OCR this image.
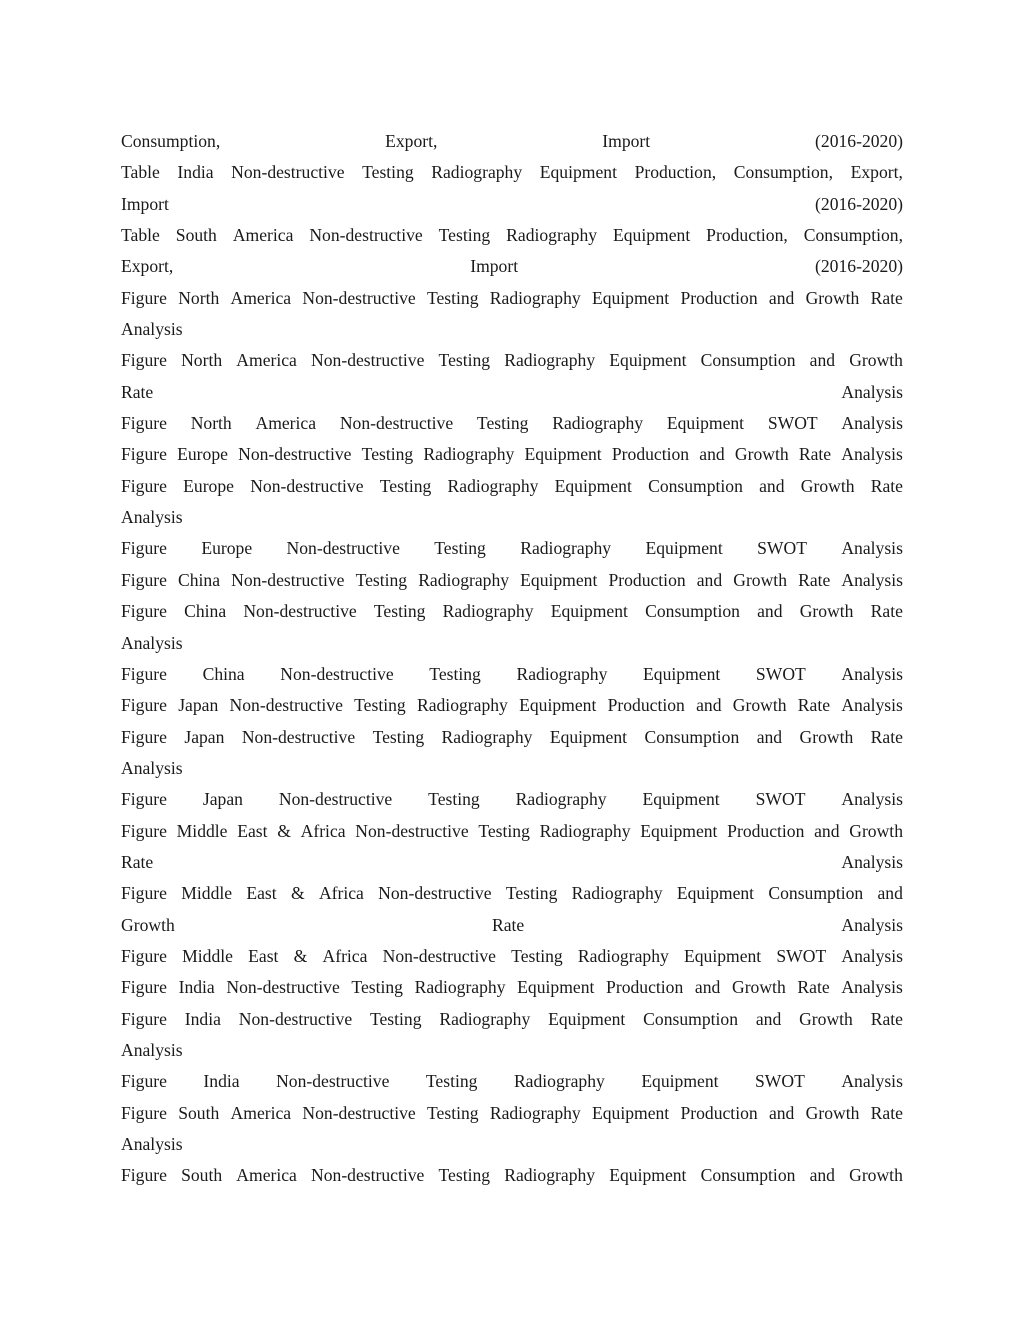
Consumption,	Export,	Import	(2016-2020)
Table India Non-destructive Testing Radiography Equipment Production, Consumption, Export,
Import	(2016-2020)
Table South America Non-destructive Testing Radiography Equipment Production, Consumption,
Export,	Import	(2016-2020)
Figure North America Non-destructive Testing Radiography Equipment Production and Growth Rate
Analysis
Figure North America Non-destructive Testing Radiography Equipment Consumption and Growth
Rate	Analysis
Figure North America Non-destructive Testing Radiography Equipment SWOT Analysis
Figure Europe Non-destructive Testing Radiography Equipment Production and Growth Rate Analysis
Figure Europe Non-destructive Testing Radiography Equipment Consumption and Growth Rate
Analysis
Figure Europe Non-destructive Testing Radiography Equipment SWOT Analysis
Figure China Non-destructive Testing Radiography Equipment Production and Growth Rate Analysis
Figure China Non-destructive Testing Radiography Equipment Consumption and Growth Rate
Analysis
Figure China Non-destructive Testing Radiography Equipment SWOT Analysis
Figure Japan Non-destructive Testing Radiography Equipment Production and Growth Rate Analysis
Figure Japan Non-destructive Testing Radiography Equipment Consumption and Growth Rate
Analysis
Figure Japan Non-destructive Testing Radiography Equipment SWOT Analysis
Figure Middle East & Africa Non-destructive Testing Radiography Equipment Production and Growth
Rate	Analysis
Figure Middle East & Africa Non-destructive Testing Radiography Equipment Consumption and
Growth	Rate	Analysis
Figure Middle East & Africa Non-destructive Testing Radiography Equipment SWOT Analysis
Figure India Non-destructive Testing Radiography Equipment Production and Growth Rate Analysis
Figure India Non-destructive Testing Radiography Equipment Consumption and Growth Rate
Analysis
Figure India Non-destructive Testing Radiography Equipment SWOT Analysis
Figure South America Non-destructive Testing Radiography Equipment Production and Growth Rate
Analysis
Figure South America Non-destructive Testing Radiography Equipment Consumption and Growth
